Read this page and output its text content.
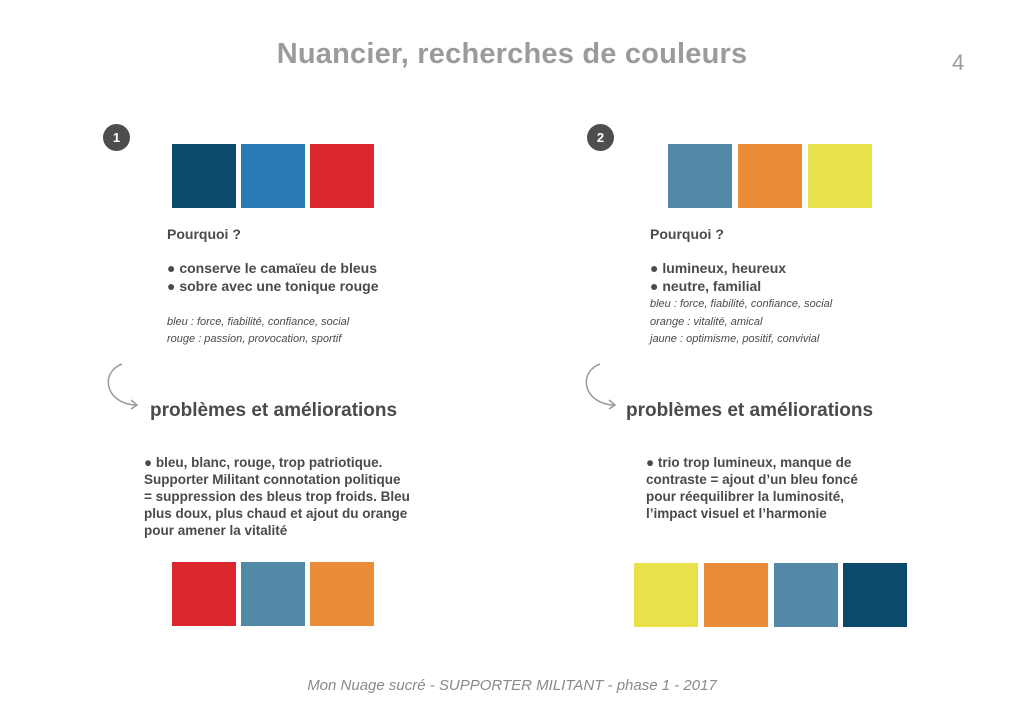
Nuancier, recherches de couleurs	4
1
Pourquoi ?
● conserve le camaïeu de bleus
● sobre avec une tonique rouge
bleu : force, fiabilité, confiance, social
rouge : passion, provocation, sportif
problèmes et améliorations
● bleu, blanc, rouge, trop patriotique.
Supporter Militant connotation politique
= suppression des bleus trop froids. Bleu
plus doux, plus chaud et ajout du orange
pour amener la vitalité
2
Pourquoi ?
● lumineux, heureux
● neutre, familial
bleu : force, fiabilité, confiance, social
orange : vitalité, amical
jaune : optimisme, positif, convivial
problèmes et améliorations
● trio trop lumineux, manque de
contraste = ajout d’un bleu foncé
pour réequilibrer la luminosité,
l’impact visuel et l’harmonie
Mon Nuage sucré - SUPPORTER MILITANT - phase 1 - 2017
